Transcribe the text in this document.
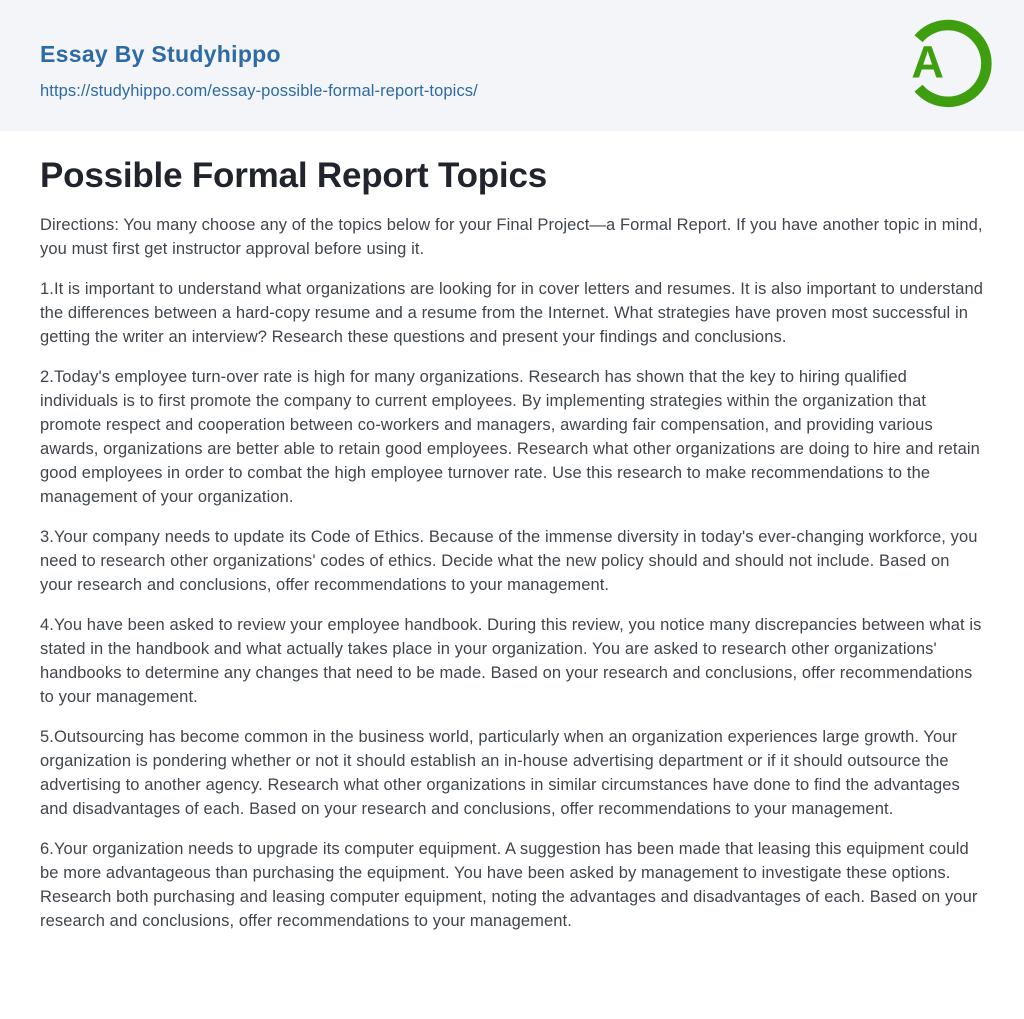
Essay By Studyhippo
https://studyhippo.com/essay-possible-formal-report-topics/
A
Possible Formal Report Topics

Directions: You many choose any of the topics below for your Final Project—a Formal Report. If you have another topic in mind, you must first get instructor approval before using it.

1.It is important to understand what organizations are looking for in cover letters and resumes. It is also important to understand the differences between a hard-copy resume and a resume from the Internet. What strategies have proven most successful in getting the writer an interview? Research these questions and present your findings and conclusions.

2.Today's employee turn-over rate is high for many organizations. Research has shown that the key to hiring qualified individuals is to first promote the company to current employees. By implementing strategies within the organization that promote respect and cooperation between co-workers and managers, awarding fair compensation, and providing various awards, organizations are better able to retain good employees. Research what other organizations are doing to hire and retain good employees in order to combat the high employee turnover rate. Use this research to make recommendations to the management of your organization.

3.Your company needs to update its Code of Ethics. Because of the immense diversity in today's ever-changing workforce, you need to research other organizations' codes of ethics. Decide what the new policy should and should not include. Based on your research and conclusions, offer recommendations to your management.

4.You have been asked to review your employee handbook. During this review, you notice many discrepancies between what is stated in the handbook and what actually takes place in your organization. You are asked to research other organizations' handbooks to determine any changes that need to be made. Based on your research and conclusions, offer recommendations to your management.

5.Outsourcing has become common in the business world, particularly when an organization experiences large growth. Your organization is pondering whether or not it should establish an in-house advertising department or if it should outsource the advertising to another agency. Research what other organizations in similar circumstances have done to find the advantages and disadvantages of each. Based on your research and conclusions, offer recommendations to your management.

6.Your organization needs to upgrade its computer equipment. A suggestion has been made that leasing this equipment could be more advantageous than purchasing the equipment. You have been asked by management to investigate these options. Research both purchasing and leasing computer equipment, noting the advantages and disadvantages of each. Based on your research and conclusions, offer recommendations to your management.
